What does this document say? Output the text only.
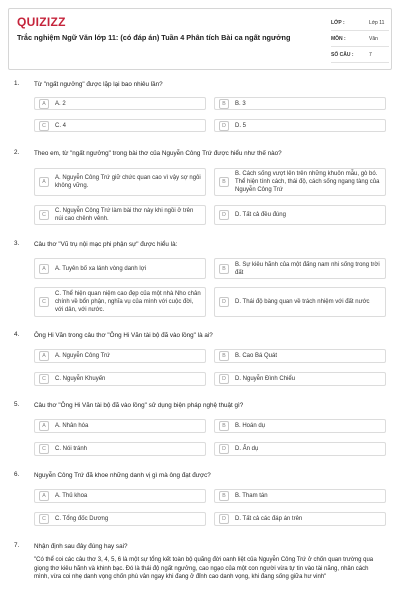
QUIZIZZ
Trắc nghiệm Ngữ Văn lớp 11: (có đáp án) Tuần 4 Phân tích Bài ca ngất ngưởng
LỚP :	Lớp 11
MÔN :	Văn
SỐ CÂU :	7
1. Từ "ngất ngưởng" được lặp lại bao nhiêu lần?
A	A. 2	B	B. 3
C	C. 4	D	D. 5
2. Theo em, từ "ngất ngưởng" trong bài thơ của Nguyễn Công Trứ được hiểu như thế nào?
A
A. Nguyễn Công Trứ giữ chức quan cao vì vậy sợ ngôi không vững.
B
B. Cách sống vượt lên trên những khuôn mẫu, gò bó. Thể hiện tính cách, thái độ, cách sống ngang tàng của Nguyễn Công Trứ
C
C. Nguyễn Công Trứ làm bài thơ này khi ngồi ở trên núi cao chênh vênh.
D	D. Tất cả đều đúng
3. Câu thơ "Vũ trụ nội mạc phi phận sự" được hiểu là:
A	A. Tuyên bố xa lánh vòng danh lợi	B
B. Sự kiêu hãnh của một đấng nam nhi sống trong trời đất
C
C. Thể hiện quan niệm cao đẹp của một nhà Nho chân chính về bổn phận, nghĩa vụ của mình với cuộc đời, với dân, với nước.
D	D. Thái độ bàng quan về trách nhiệm với đất nước
4. Ông Hi Văn trong câu thơ "Ông Hi Văn tài bộ đã vào lồng" là ai?
A	A. Nguyễn Công Trứ	B	B. Cao Bá Quát
C	C. Nguyễn Khuyến	D	D. Nguyễn Đình Chiểu
5. Câu thơ "Ông Hi Văn tài bộ đã vào lồng" sử dụng biện pháp nghệ thuật gì?
A	A. Nhân hóa	B	B. Hoán dụ
C	C. Nói tránh	D	D. Ẩn dụ
6. Nguyễn Công Trứ đã khoe những danh vị gì mà ông đạt được?
A	A. Thủ khoa	B	B. Tham tán
C	C. Tổng đốc Dương	D	D. Tất cả các đáp án trên
7. Nhận định sau đây đúng hay sai?
"Có thể coi các câu thơ 3, 4, 5, 6 là một sự tổng kết toàn bộ quãng đời oanh liệt của Nguyễn Công Trứ ở chốn quan trường qua giọng thơ kiêu hãnh và khinh bạc. Đó là thái độ ngất ngưởng, cao ngạo của một con người vừa tự tin vào tài năng, nhân cách mình, vừa coi nhẹ danh vọng chốn phù vân ngay khi đang ở đỉnh cao danh vọng, khi đang sống giữa hư vinh"
